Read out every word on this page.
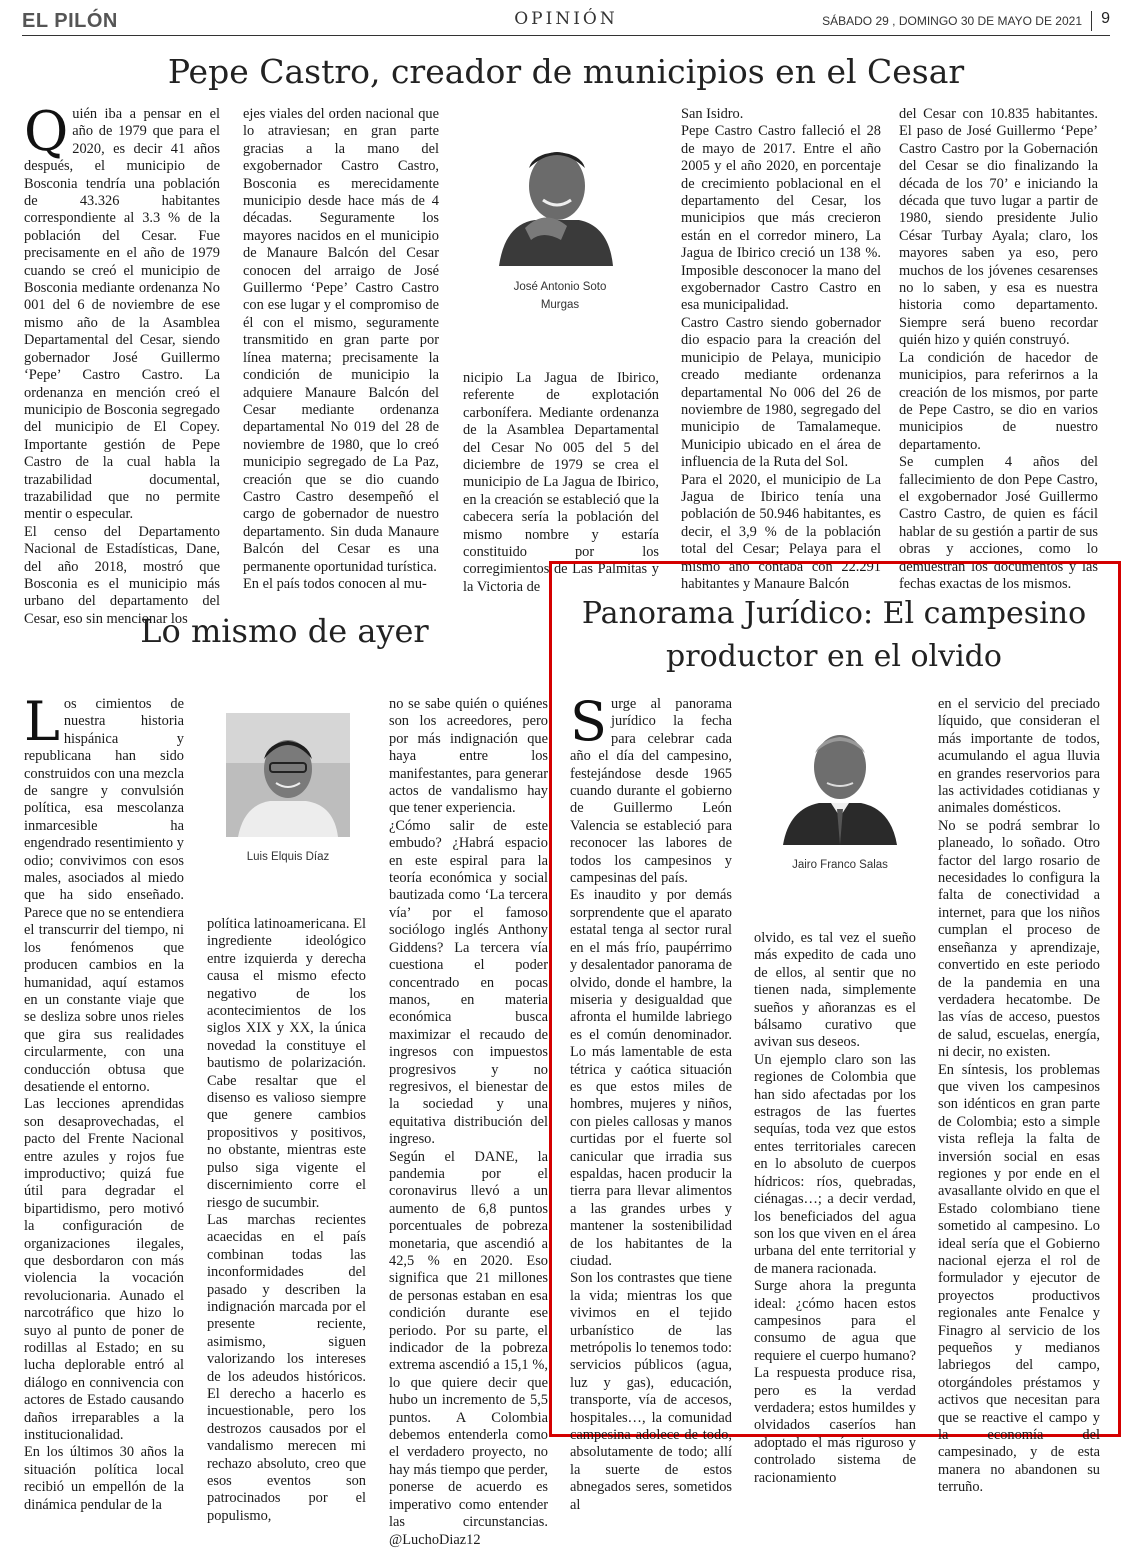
EL PILÓN	OPINIÓN	SÁBADO 29 , DOMINGO 30 DE MAYO DE 2021 9
Pepe Castro, creador de municipios en el Cesar

Quién iba a pensar en el año de 1979 que para el 2020, es decir 41 años después, el municipio de Bosconia tendría una población de 43.326 habitantes correspondiente al 3.3 % de la población del Cesar. Fue precisamente en el año de 1979 cuando se creó el municipio de Bosconia mediante ordenanza No 001 del 6 de noviembre de ese mismo año de la Asamblea Departamental del Cesar, siendo gobernador José Guillermo ‘Pepe’ Castro Castro. La ordenanza en mención creó el municipio de Bosconia segregado del municipio de El Copey. Importante gestión de Pepe Castro de la cual habla la trazabilidad documental, trazabilidad que no permite mentir o especular.

El censo del Departamento Nacional de Estadísticas, Dane, del año 2018, mostró que Bosconia es el municipio más urbano del departamento del Cesar, eso sin mencionar los

ejes viales del orden nacional que lo atraviesan; en gran parte gracias a la mano del exgobernador Castro Castro, Bosconia es merecidamente municipio desde hace más de 4 décadas. Seguramente los mayores nacidos en el municipio de Manaure Balcón del Cesar conocen del arraigo de José Guillermo ‘Pepe’ Castro Castro con ese lugar y el compromiso de él con el mismo, seguramente transmitido en gran parte por línea materna; precisamente la condición de municipio la adquiere Manaure Balcón del Cesar mediante ordenanza departamental No 019 del 28 de noviembre de 1980, que lo creó municipio segregado de La Paz, creación que se dio cuando Castro Castro desempeñó el cargo de gobernador de nuestro departamento. Sin duda Manaure Balcón del Cesar es una permanente oportunidad turística.

En el país todos conocen al mu-

José Antonio Soto Murgas

nicipio La Jagua de Ibirico, referente de explotación carbonífera. Mediante ordenanza de la Asamblea Departamental del Cesar No 005 del 5 del diciembre de 1979 se crea el municipio de La Jagua de Ibirico, en la creación se estableció que la cabecera sería la población del mismo nombre y estaría constituido por los corregimientos de Las Palmitas y la Victoria de

San Isidro.

Pepe Castro Castro falleció el 28 de mayo de 2017. Entre el año 2005 y el año 2020, en porcentaje de crecimiento poblacional en el departamento del Cesar, los municipios que más crecieron están en el corredor minero, La Jagua de Ibirico creció un 138 %. Imposible desconocer la mano del exgobernador Castro Castro en esa municipalidad.

Castro Castro siendo gobernador dio espacio para la creación del municipio de Pelaya, municipio creado mediante ordenanza departamental No 006 del 26 de noviembre de 1980, segregado del municipio de Tamalameque. Municipio ubicado en el área de influencia de la Ruta del Sol.

Para el 2020, el municipio de La Jagua de Ibirico tenía una población de 50.946 habitantes, es decir, el 3,9 % de la población total del Cesar; Pelaya para el mismo año contaba con 22.291 habitantes y Manaure Balcón

del Cesar con 10.835 habitantes. El paso de José Guillermo ‘Pepe’ Castro Castro por la Gobernación del Cesar se dio finalizando la década de los 70’ e iniciando la década que tuvo lugar a partir de 1980, siendo presidente Julio César Turbay Ayala; claro, los mayores saben ya eso, pero muchos de los jóvenes cesarenses no lo saben, y esa es nuestra historia como departamento. Siempre será bueno recordar quién hizo y quién construyó.

La condición de hacedor de municipios, para referirnos a la creación de los mismos, por parte de Pepe Castro, se dio en varios municipios de nuestro departamento.

Se cumplen 4 años del fallecimiento de don Pepe Castro, el exgobernador José Guillermo Castro Castro, de quien es fácil hablar de su gestión a partir de sus obras y acciones, como lo demuestran los documentos y las fechas exactas de los mismos.

Lo mismo de ayer

Los cimientos de nuestra historia hispánica y republicana han sido construidos con una mezcla de sangre y convulsión política, esa mescolanza inmarcesible ha engendrado resentimiento y odio; convivimos con esos males, asociados al miedo que ha sido enseñado. Parece que no se entendiera el transcurrir del tiempo, ni los fenómenos que producen cambios en la humanidad, aquí estamos en un constante viaje que se desliza sobre unos rieles que gira sus realidades circularmente, con una conducción obtusa que desatiende el entorno.

Las lecciones aprendidas son desaprovechadas, el pacto del Frente Nacional entre azules y rojos fue improductivo; quizá fue útil para degradar el bipartidismo, pero motivó la configuración de organizaciones ilegales, que desbordaron con más violencia la vocación revolucionaria. Aunado el narcotráfico que hizo lo suyo al punto de poner de rodillas al Estado; en su lucha deplorable entró al diálogo en connivencia con actores de Estado causando daños irreparables a la institucionalidad.

En los últimos 30 años la situación política local recibió un empellón de la dinámica pendular de la

Luis Elquis Díaz

política latinoamericana. El ingrediente ideológico entre izquierda y derecha causa el mismo efecto negativo de los acontecimientos de los siglos XIX y XX, la única novedad la constituye el bautismo de polarización. Cabe resaltar que el disenso es valioso siempre que genere cambios propositivos y positivos, no obstante, mientras este pulso siga vigente el discernimiento corre el riesgo de sucumbir.

Las marchas recientes acaecidas en el país combinan todas las inconformidades del pasado y describen la indignación marcada por el presente reciente, asimismo, siguen valorizando los intereses de los adeudos históricos. El derecho a hacerlo es incuestionable, pero los destrozos causados por el vandalismo merecen mi rechazo absoluto, creo que esos eventos son patrocinados por el populismo,

no se sabe quién o quiénes son los acreedores, pero por más indignación que haya entre los manifestantes, para generar actos de vandalismo hay que tener experiencia.

¿Cómo salir de este embudo? ¿Habrá espacio en este espiral para la teoría económica y social bautizada como ‘La tercera vía’ por el famoso sociólogo inglés Anthony Giddens? La tercera vía cuestiona el poder concentrado en pocas manos, en materia económica busca maximizar el recaudo de ingresos con impuestos progresivos y no regresivos, el bienestar de la sociedad y una equitativa distribución del ingreso.

Según el DANE, la pandemia por el coronavirus llevó a un aumento de 6,8 puntos porcentuales de pobreza monetaria, que ascendió a 42,5 % en 2020. Eso significa que 21 millones de personas estaban en esa condición durante ese periodo. Por su parte, el indicador de la pobreza extrema ascendió a 15,1 %, lo que quiere decir que hubo un incremento de 5,5 puntos. A Colombia debemos entenderla como el verdadero proyecto, no hay más tiempo que perder, ponerse de acuerdo es imperativo como entender las circunstancias. @LuchoDiaz12

Panorama Jurídico: El campesino productor en el olvido

Surge al panorama jurídico la fecha para celebrar cada año el día del campesino, festejándose desde 1965 cuando durante el gobierno de Guillermo León Valencia se estableció para reconocer las labores de todos los campesinos y campesinas del país.

Es inaudito y por demás sorprendente que el aparato estatal tenga al sector rural en el más frío, paupérrimo y desalentador panorama de olvido, donde el hambre, la miseria y desigualdad que afronta el humilde labriego es el común denominador. Lo más lamentable de esta tétrica y caótica situación es que estos miles de hombres, mujeres y niños, con pieles callosas y manos curtidas por el fuerte sol canicular que irradia sus espaldas, hacen producir la tierra para llevar alimentos a las grandes urbes y mantener la sostenibilidad de los habitantes de la ciudad.

Son los contrastes que tiene la vida; mientras los que vivimos en el tejido urbanístico de las metrópolis lo tenemos todo: servicios públicos (agua, luz y gas), educación, transporte, vía de accesos, hospitales…, la comunidad campesina adolece de todo, absolutamente de todo; allí la suerte de estos abnegados seres, sometidos al

Jairo Franco Salas

olvido, es tal vez el sueño más expedito de cada uno de ellos, al sentir que no tienen nada, simplemente sueños y añoranzas es el bálsamo curativo que avivan sus deseos.

Un ejemplo claro son las regiones de Colombia que han sido afectadas por los estragos de las fuertes sequías, toda vez que estos entes territoriales carecen en lo absoluto de cuerpos hídricos: ríos, quebradas, ciénagas…; a decir verdad, los beneficiados del agua son los que viven en el área urbana del ente territorial y de manera racionada.

Surge ahora la pregunta ideal: ¿cómo hacen estos campesinos para el consumo de agua que requiere el cuerpo humano? La respuesta produce risa, pero es la verdad verdadera; estos humildes y olvidados caseríos han adoptado el más riguroso y controlado sistema de racionamiento

en el servicio del preciado líquido, que consideran el más importante de todos, acumulando el agua lluvia en grandes reservorios para las actividades cotidianas y animales domésticos.

No se podrá sembrar lo planeado, lo soñado. Otro factor del largo rosario de necesidades lo configura la falta de conectividad a internet, para que los niños cumplan el proceso de enseñanza y aprendizaje, convertido en este periodo de la pandemia en una verdadera hecatombe. De las vías de acceso, puestos de salud, escuelas, energía, ni decir, no existen.

En síntesis, los problemas que viven los campesinos son idénticos en gran parte de Colombia; esto a simple vista refleja la falta de inversión social en esas regiones y por ende en el avasallante olvido en que el Estado colombiano tiene sometido al campesino. Lo ideal sería que el Gobierno nacional ejerza el rol de formulador y ejecutor de proyectos productivos regionales ante Fenalce y Finagro al servicio de los pequeños y medianos labriegos del campo, otorgándoles préstamos y activos que necesitan para que se reactive el campo y la economía del campesinado, y de esta manera no abandonen su terruño.
